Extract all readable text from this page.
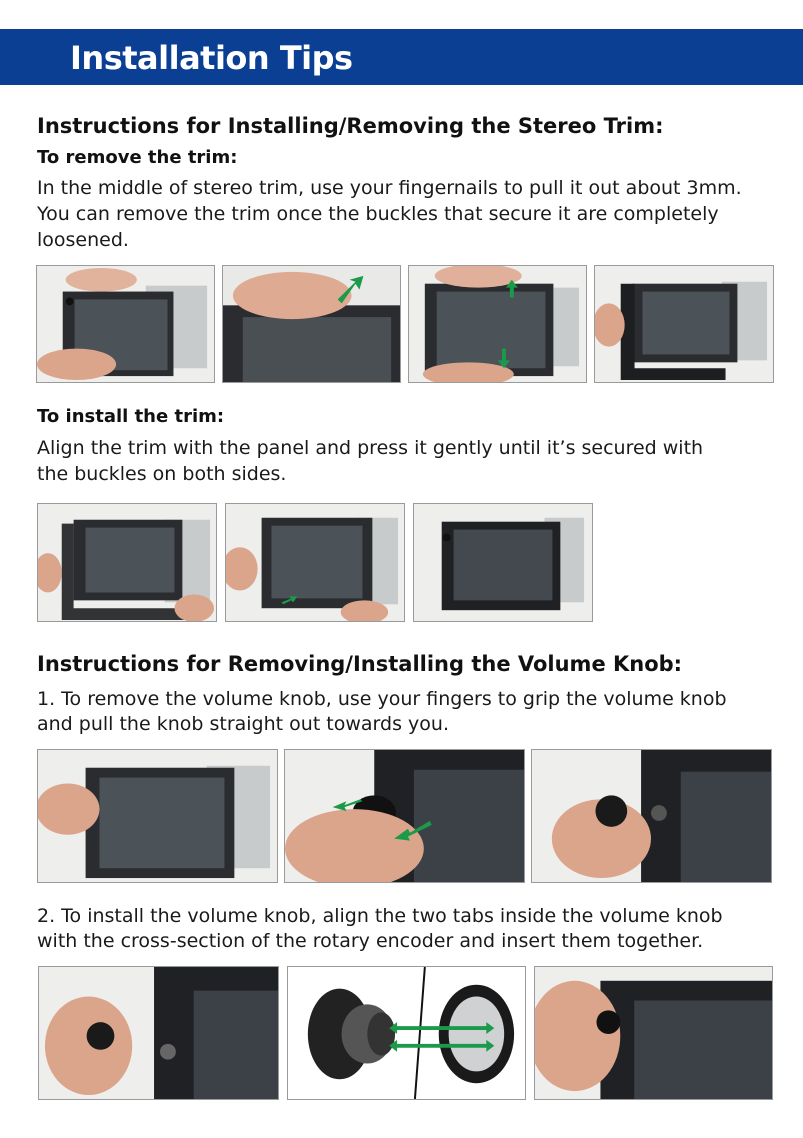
Installation Tips
Instructions for Installing/Removing the Stereo Trim:
To remove the trim:
In the middle of stereo trim, use your fingernails to pull it out about 3mm.
You can remove the trim once the buckles that secure it are completely
loosened.
To install the trim:
Align the trim with the panel and press it gently until it’s secured with
the buckles on both sides.
Instructions for Removing/Installing the Volume Knob:
1. To remove the volume knob, use your fingers to grip the volume knob
and pull the knob straight out towards you.
2. To install the volume knob, align the two tabs inside the volume knob
with the cross-section of the rotary encoder and insert them together.
